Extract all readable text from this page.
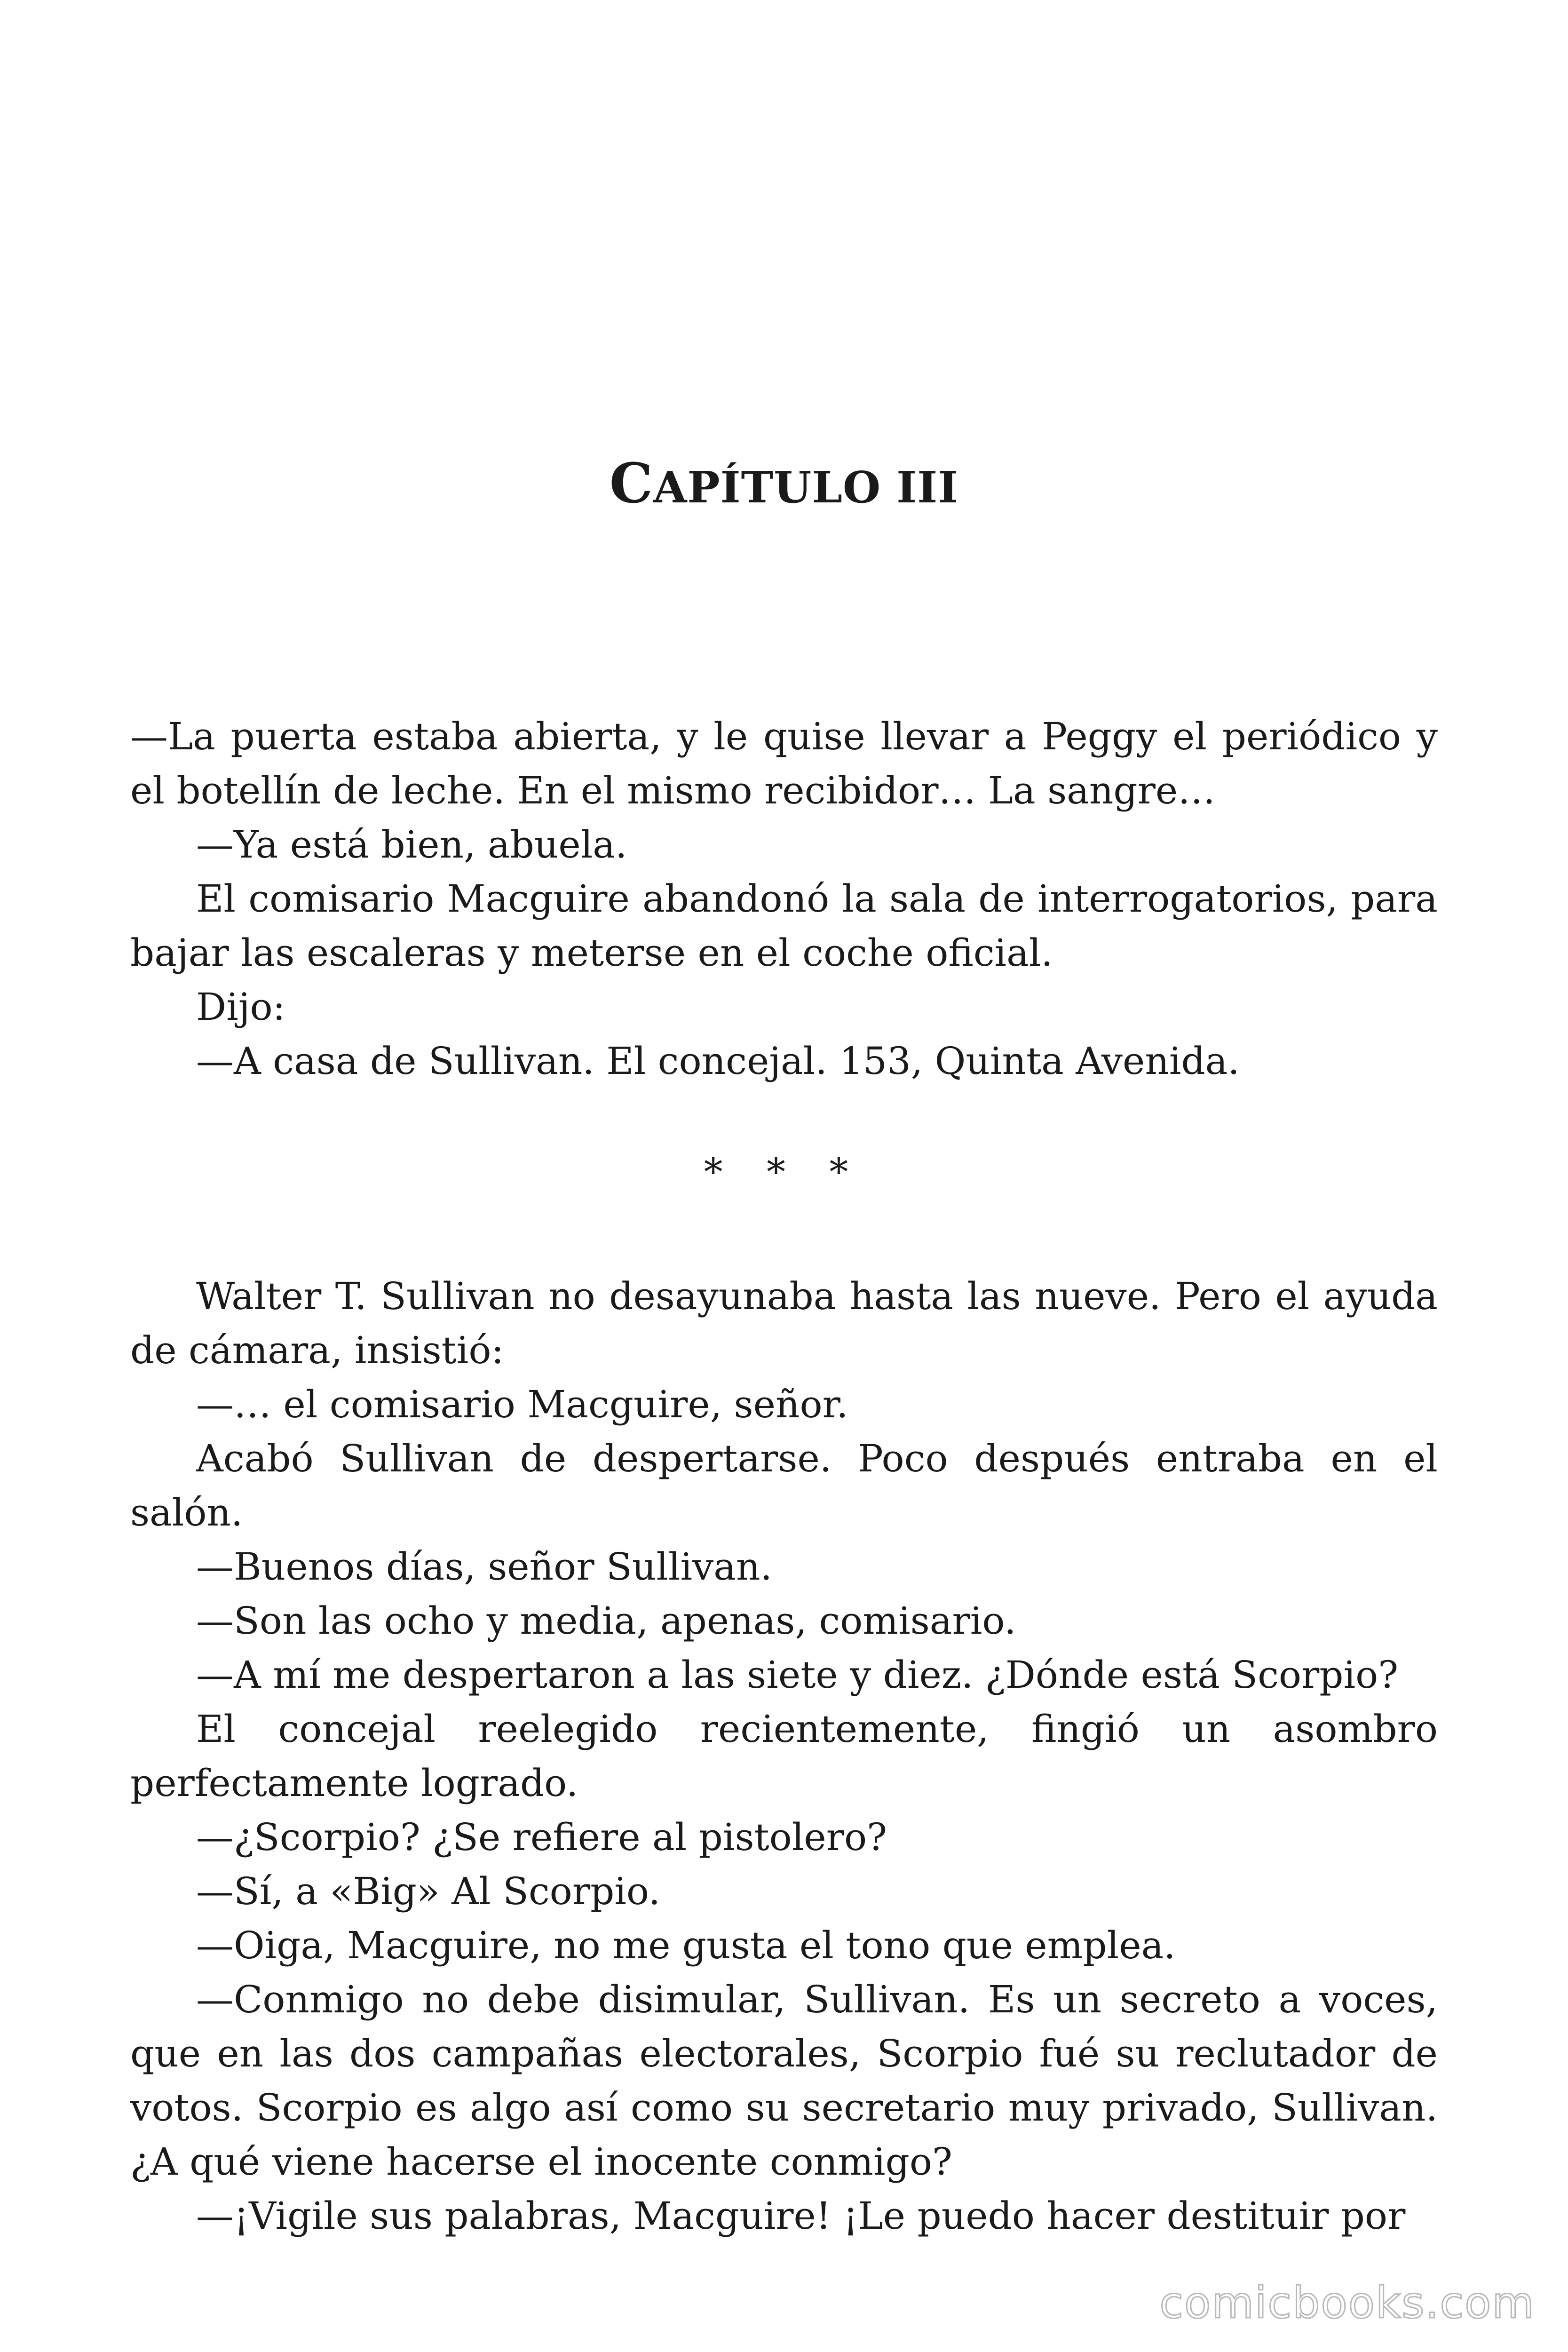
CAPÍTULO III

—La puerta estaba abierta, y le quise llevar a Peggy el periódico y el botellín de leche. En el mismo recibidor… La sangre…

—Ya está bien, abuela.

El comisario Macguire abandonó la sala de interrogatorios, para bajar las escaleras y meterse en el coche oficial.

Dijo:

—A casa de Sullivan. El concejal. 153, Quinta Avenida.

* * *

Walter T. Sullivan no desayunaba hasta las nueve. Pero el ayuda de cámara, insistió:

—… el comisario Macguire, señor.

Acabó Sullivan de despertarse. Poco después entraba en el salón.

—Buenos días, señor Sullivan.

—Son las ocho y media, apenas, comisario.

—A mí me despertaron a las siete y diez. ¿Dónde está Scorpio?

El concejal reelegido recientemente, fingió un asombro perfectamente logrado.

—¿Scorpio? ¿Se refiere al pistolero?

—Sí, a «Big» Al Scorpio.

—Oiga, Macguire, no me gusta el tono que emplea.

—Conmigo no debe disimular, Sullivan. Es un secreto a voces, que en las dos campañas electorales, Scorpio fué su reclutador de votos. Scorpio es algo así como su secretario muy privado, Sullivan. ¿A qué viene hacerse el inocente conmigo?

—¡Vigile sus palabras, Macguire! ¡Le puedo hacer destituir por

comicbooks.com
